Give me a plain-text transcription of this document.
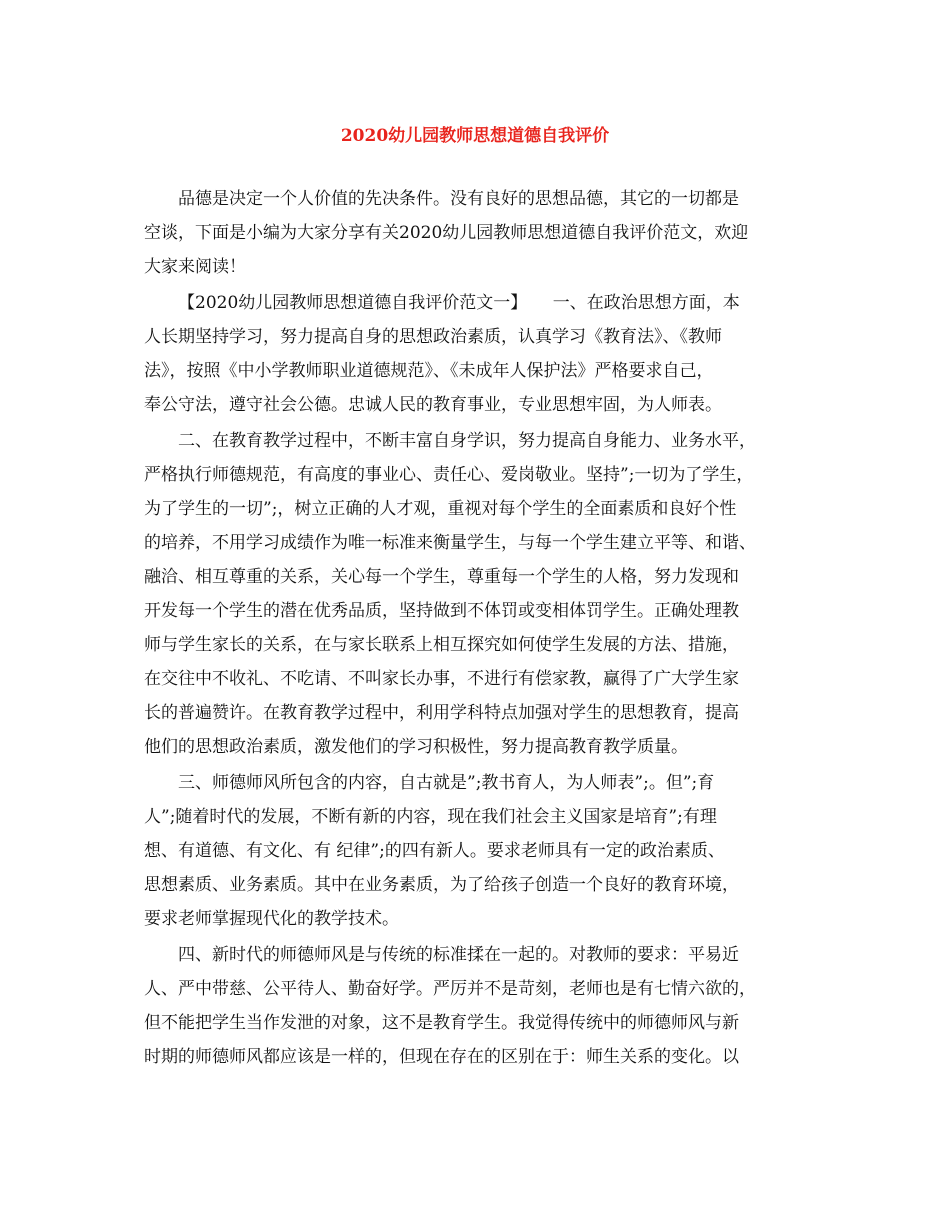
2020幼儿园教师思想道德自我评价
品德是决定一个人价值的先决条件。没有良好的思想品德，其它的一切都是
空谈，下面是小编为大家分享有关2020幼儿园教师思想道德自我评价范文，欢迎
大家来阅读！
【2020幼儿园教师思想道德自我评价范文一】　　一、在政治思想方面，本
人长期坚持学习，努力提高自身的思想政治素质，认真学习《教育法》、《教师
法》，按照《中小学教师职业道德规范》、《未成年人保护法》严格要求自己，
奉公守法，遵守社会公德。忠诚人民的教育事业，专业思想牢固，为人师表。
二、在教育教学过程中，不断丰富自身学识，努力提高自身能力、业务水平，
严格执行师德规范，有高度的事业心、责任心、爱岗敬业。坚持”;一切为了学生，
为了学生的一切”;，树立正确的人才观，重视对每个学生的全面素质和良好个性
的培养，不用学习成绩作为唯一标准来衡量学生，与每一个学生建立平等、和谐、
融洽、相互尊重的关系，关心每一个学生，尊重每一个学生的人格，努力发现和
开发每一个学生的潜在优秀品质，坚持做到不体罚或变相体罚学生。正确处理教
师与学生家长的关系，在与家长联系上相互探究如何使学生发展的方法、措施，
在交往中不收礼、不吃请、不叫家长办事，不进行有偿家教，赢得了广大学生家
长的普遍赞许。在教育教学过程中，利用学科特点加强对学生的思想教育，提高
他们的思想政治素质，激发他们的学习积极性，努力提高教育教学质量。
三、师德师风所包含的内容，自古就是”;教书育人，为人师表”;。但”;育
人”;随着时代的发展，不断有新的内容，现在我们社会主义国家是培育”;有理
想、有道德、有文化、有 纪律”;的四有新人。要求老师具有一定的政治素质、
思想素质、业务素质。其中在业务素质，为了给孩子创造一个良好的教育环境，
要求老师掌握现代化的教学技术。
四、新时代的师德师风是与传统的标准揉在一起的。对教师的要求：平易近
人、严中带慈、公平待人、勤奋好学。严厉并不是苛刻，老师也是有七情六欲的，
但不能把学生当作发泄的对象，这不是教育学生。我觉得传统中的师德师风与新
时期的师德师风都应该是一样的，但现在存在的区别在于：师生关系的变化。以
